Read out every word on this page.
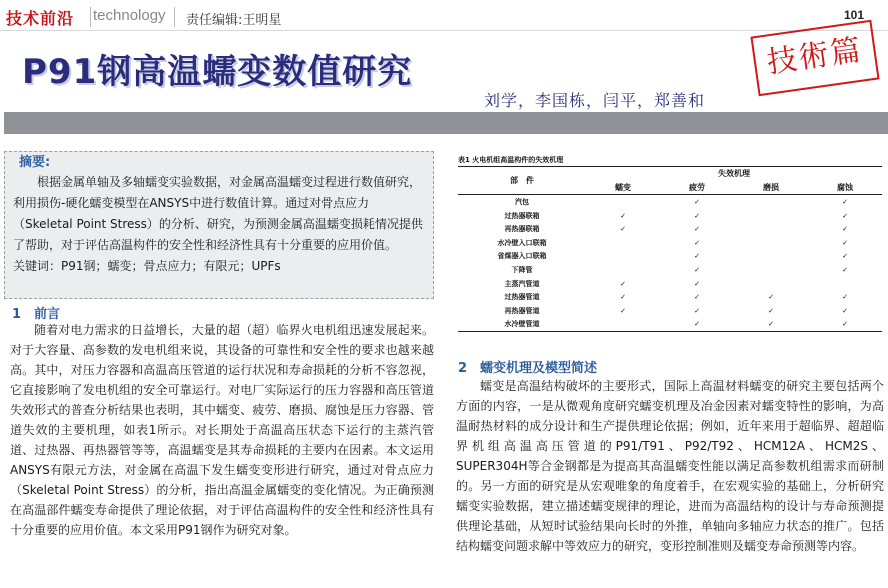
技术前沿 technology 责任编辑:王明星	101
P91钢高温蠕变数值研究	技術篇
刘学，李国栋，闫平，郑善和
摘要:

根据金属单轴及多轴蠕变实验数据，对金属高温蠕变过程进行数值研究，利用损伤-硬化蠕变模型在ANSYS中进行数值计算。通过对骨点应力（Skeletal Point Stress）的分析、研究，为预测金属高温蠕变损耗情况提供了帮助，对于评估高温构件的安全性和经济性具有十分重要的应用价值。

关键词：P91钢；蠕变；骨点应力；有限元；UPFs

1　前言

随着对电力需求的日益增长，大量的超（超）临界火电机组迅速发展起来。对于大容量、高参数的发电机组来说，其设备的可靠性和安全性的要求也越来越高。其中，对压力容器和高温高压管道的运行状况和寿命损耗的分析不容忽视，它直接影响了发电机组的安全可靠运行。对电厂实际运行的压力容器和高压管道失效形式的普查分析结果也表明，其中蠕变、疲劳、磨损、腐蚀是压力容器、管道失效的主要机理，如表1所示。对长期处于高温高压状态下运行的主蒸汽管道、过热器、再热器管等等，高温蠕变是其寿命损耗的主要内在因素。本文运用ANSYS有限元方法，对金属在高温下发生蠕变变形进行研究，通过对骨点应力（Skeletal Point Stress）的分析，指出高温金属蠕变的变化情况。为正确预测在高温部件蠕变寿命提供了理论依据，对于评估高温构件的安全性和经济性具有十分重要的应用价值。本文采用P91钢作为研究对象。

表1 火电机组高温构件的失效机理
部　件	失效机理			
	蠕变	疲劳	磨损	腐蚀
汽包		✓		✓
过热器联箱	✓	✓		✓
再热器联箱	✓	✓		✓
水冷壁入口联箱		✓		✓
省煤器入口联箱		✓		✓
下降管		✓		✓
主蒸汽管道	✓	✓		
过热器管道	✓	✓	✓	✓
再热器管道	✓	✓	✓	✓
水冷壁管道		✓	✓	✓
2　蠕变机理及模型简述

蠕变是高温结构破坏的主要形式，国际上高温材料蠕变的研究主要包括两个方面的内容，一是从微观角度研究蠕变机理及冶金因素对蠕变特性的影响，为高温耐热材料的成分设计和生产提供理论依据；例如，近年来用于超临界、超超临界机组高温高压管道的P91/T91、P92/T92、HCM12A、HCM2S、SUPER304H等合金钢都是为提高其高温蠕变性能以满足高参数机组需求而研制的。另一方面的研究是从宏观唯象的角度着手，在宏观实验的基础上，分析研究蠕变实验数据，建立描述蠕变规律的理论，进而为高温结构的设计与寿命预测提供理论基础，从短时试验结果向长时的外推，单轴向多轴应力状态的推广。包括结构蠕变问题求解中等效应力的研究，变形控制准则及蠕变寿命预测等内容。
